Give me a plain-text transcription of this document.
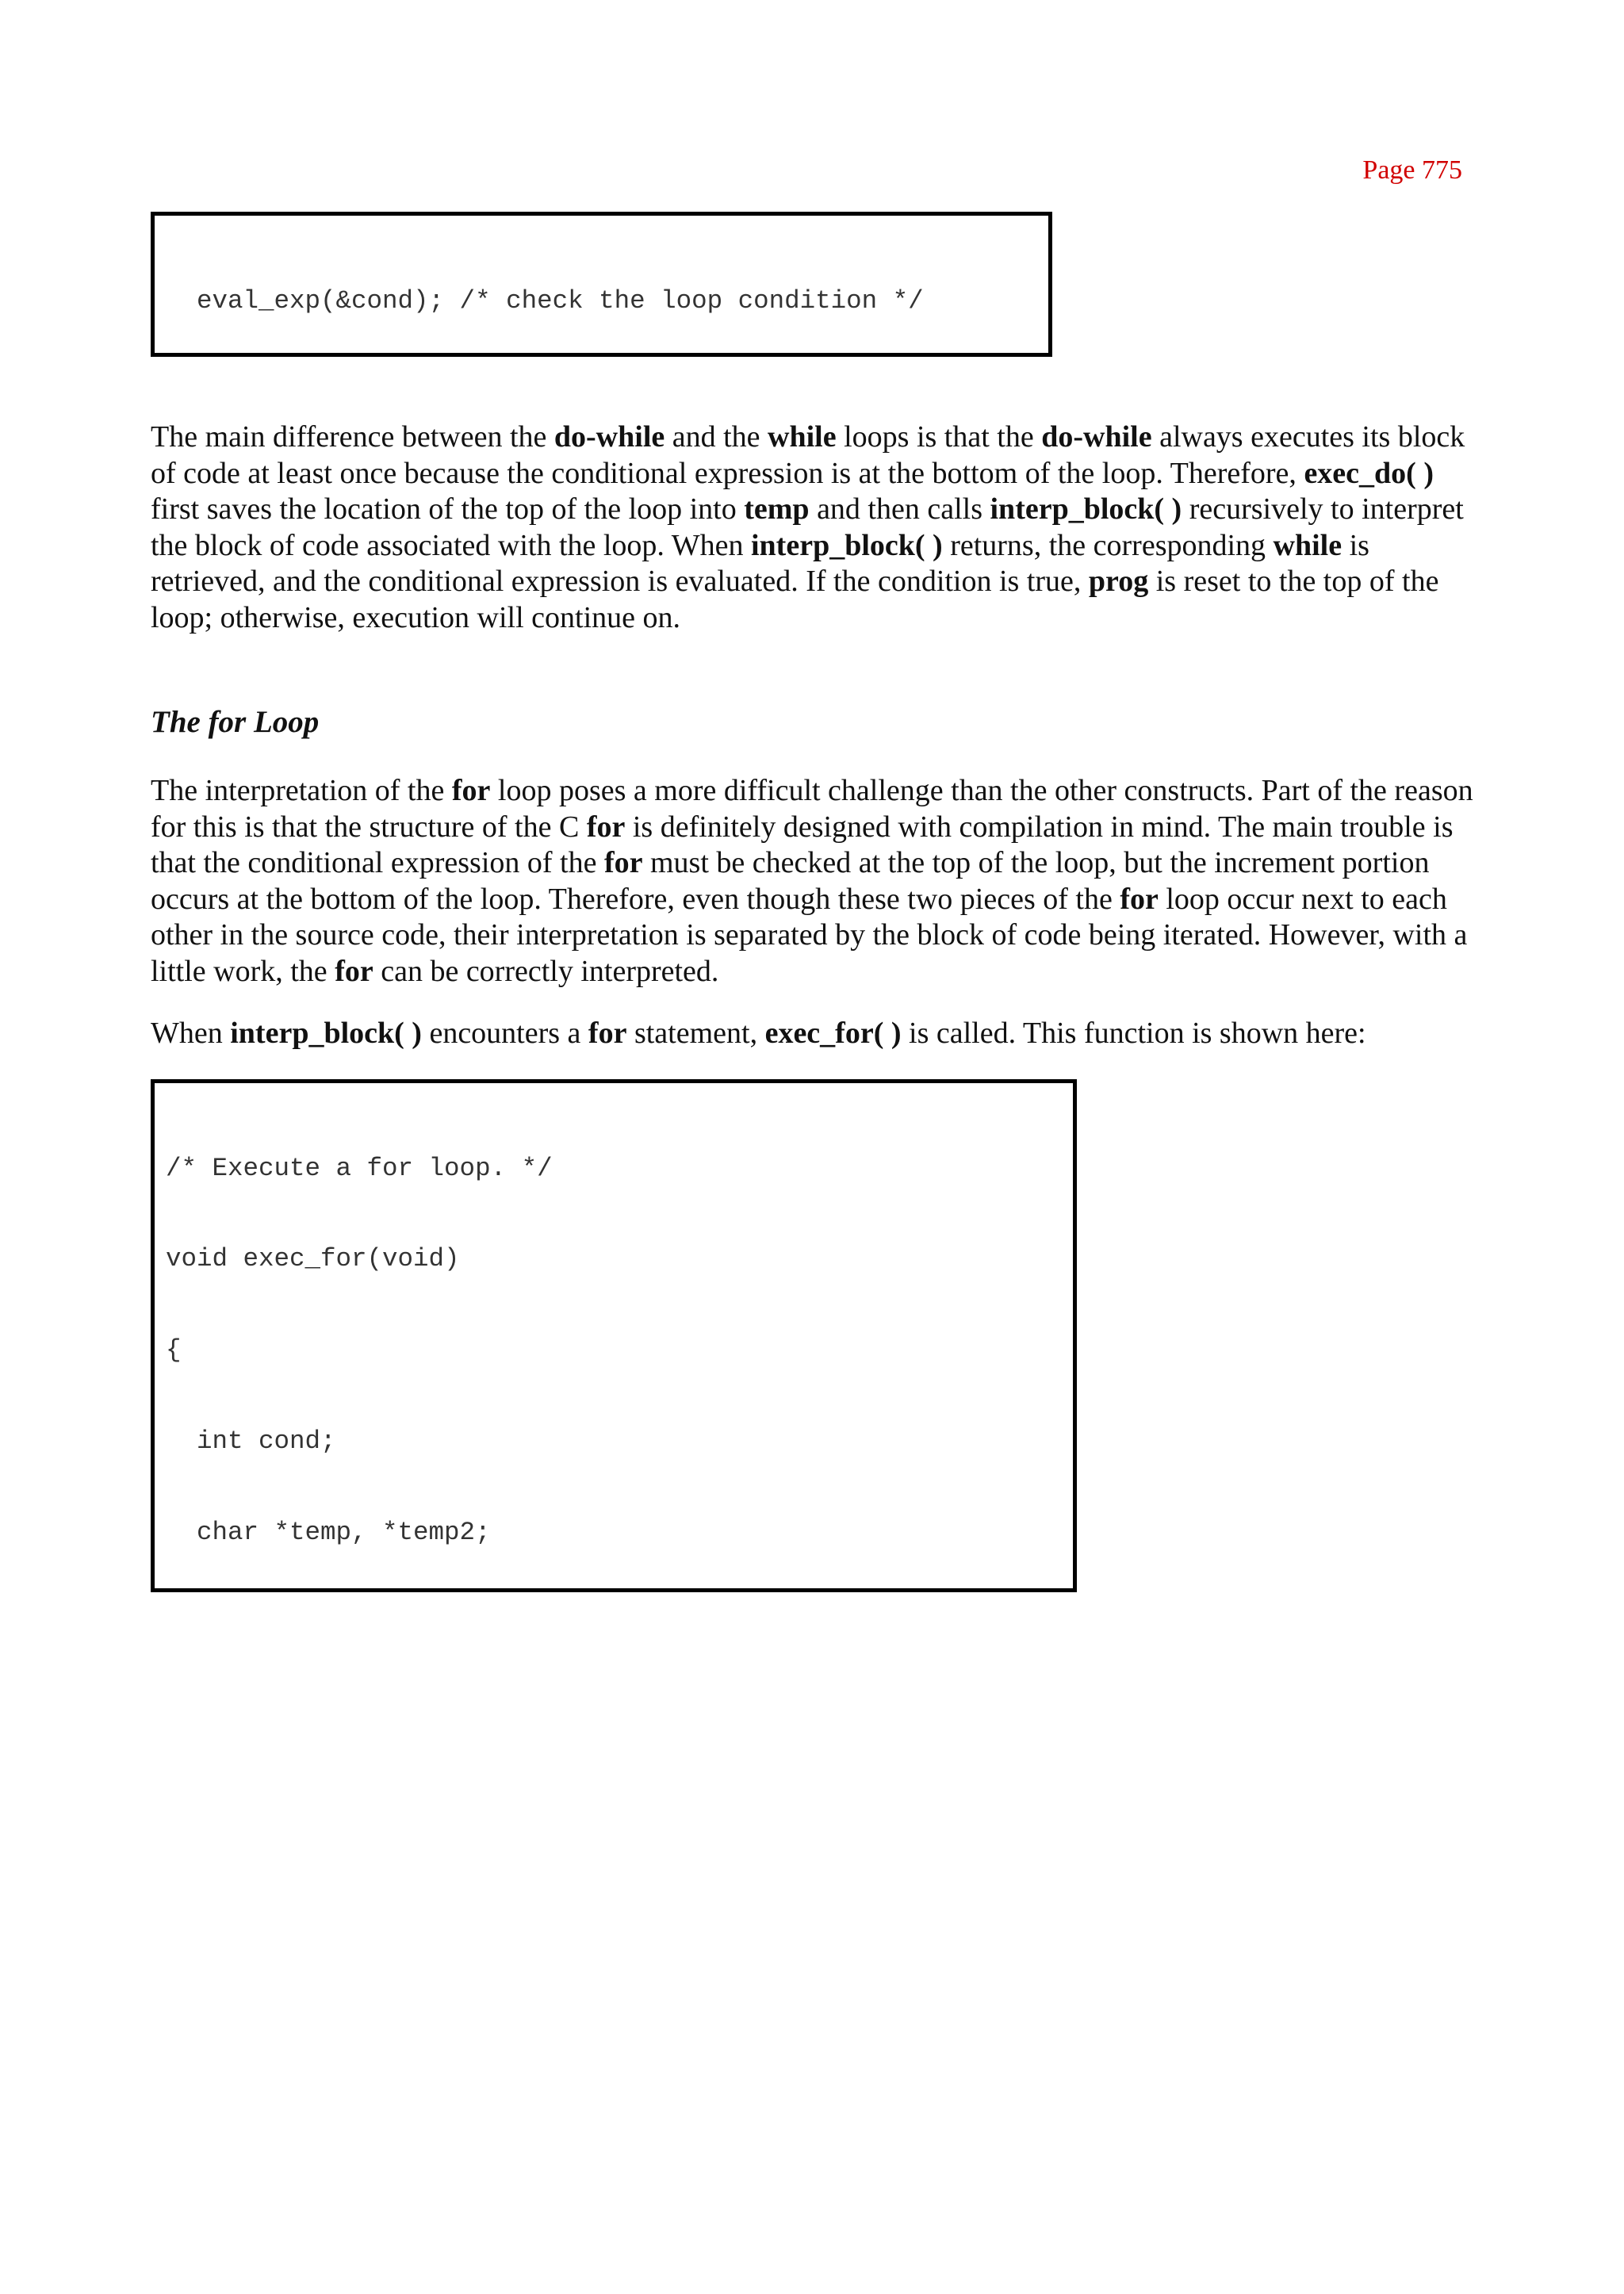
Page 775

eval_exp(&cond); /* check the loop condition */

The main difference between the do-while and the while loops is that the do-while always executes its block of code at least once because the conditional expression is at the bottom of the loop. Therefore, exec_do( ) first saves the location of the top of the loop into temp and then calls interp_block( ) recursively to interpret the block of code associated with the loop. When interp_block( ) returns, the corresponding while is retrieved, and the conditional expression is evaluated. If the condition is true, prog is reset to the top of the loop; otherwise, execution will continue on.

The for Loop

The interpretation of the for loop poses a more difficult challenge than the other constructs. Part of the reason for this is that the structure of the C for is definitely designed with compilation in mind. The main trouble is that the conditional expression of the for must be checked at the top of the loop, but the increment portion occurs at the bottom of the loop. Therefore, even though these two pieces of the for loop occur next to each other in the source code, their interpretation is separated by the block of code being iterated. However, with a little work, the for can be correctly interpreted.

When interp_block( ) encounters a for statement, exec_for( ) is called. This function is shown here:

/* Execute a for loop. */

void exec_for(void)

{

int cond;

char *temp, *temp2;
